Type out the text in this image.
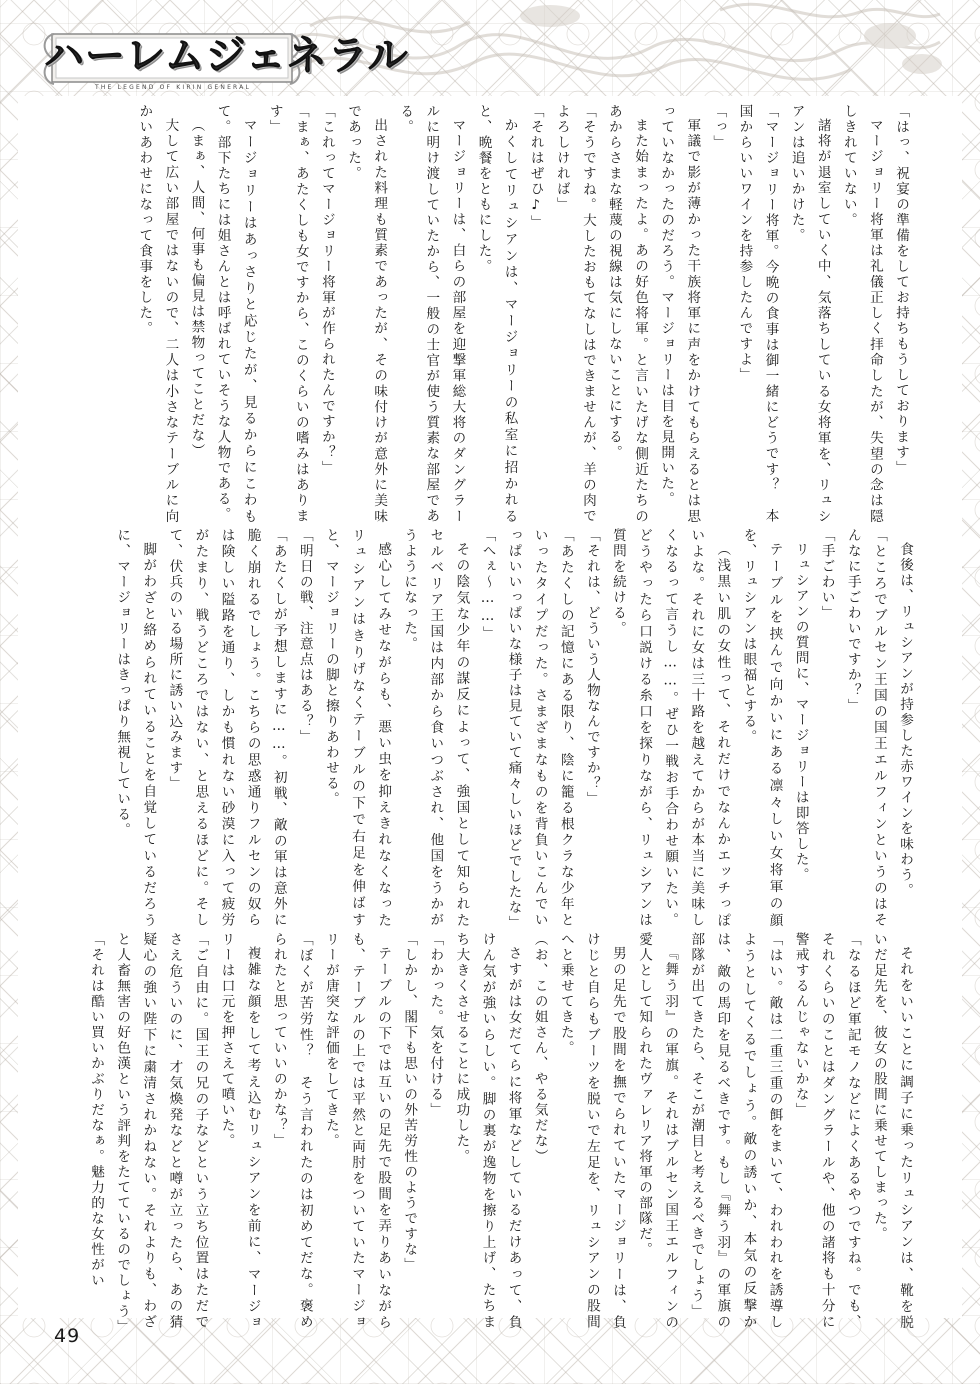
ハーレムジェネラル
THE LEGEND OF KIRIN GENERAL

「はっ、祝宴の準備をしてお持ちもうしております」

マージョリー将軍は礼儀正しく拝命したが、失望の念は隠しきれていない。

諸将が退室していく中、気落ちしている女将軍を、リュシアンは追いかけた。

「マージョリー将軍。今晩の食事は御一緒にどうです？　本国からいいワインを持参したんですよ」

「っ」

軍議で影が薄かった干族将軍に声をかけてもらえるとは思っていなかったのだろう。マージョリーは目を見開いた。

また始まったよ。あの好色将軍。と言いたげな側近たちのあからさまな軽蔑の視線は気にしないことにする。

「そうですね。大したおもてなしはできませんが、羊の肉でよろしければ」

「それはぜひ♪」

かくしてリュシアンは、マージョリーの私室に招かれると、晩餐をともにした。

マージョリーは、白らの部屋を迎撃軍総大将のダングラールに明け渡していたから、一般の士官が使う質素な部屋である。

出された料理も質素であったが、その味付けが意外に美味であった。

「これってマージョリー将軍が作られたんですか？」

「まぁ、あたくしも女ですから、このくらいの嗜みはあります」

マージョリーはあっさりと応じたが、見るからにこわもて。部下たちには姐さんとは呼ばれていそうな人物である。

（まぁ、人間、何事も偏見は禁物ってことだな）

大して広い部屋ではないので、二人は小さなテーブルに向かいあわせになって食事をした。

食後は、リュシアンが持参した赤ワインを味わう。

「ところでブルセン王国の国王エルフィンというのはそんなに手ごわいですか？」

「手ごわい」

リュシアンの質問に、マージョリーは即答した。

テーブルを挟んで向かいにある凛々しい女将軍の顔を、リュシアンは眼福とする。

（浅黒い肌の女性って、それだけでなんかエッチっぽいよな。それに女は三十路を越えてからが本当に美味しくなるって言うし……。ぜひ一戦お手合わせ願いたい。どうやったら口説ける糸口を探りながら、リュシアンは質問を続ける。

「それは、どういう人物なんですか？」

「あたくしの記憶にある限り、陰に籠る根クラな少年といったタイプだった。さまざまなものを背負いこんでいっぱいいっぱいな様子は見ていて痛々しいほどでしたな」

「へぇ～……」

その陰気な少年の謀反によって、強国として知られたセルベリア王国は内部から食いつぶされ、他国をうかがうようになった。

感心してみせながらも、悪い虫を抑えきれなくなったリュシアンはきりげなくテーブルの下で右足を伸ばすと、マージョリーの脚と擦りあわせる。

「明日の戦、注意点はある？」

「あたくしが予想しますに……。初戦、敵の軍は意外に脆く崩れるでしょう。こちらの思惑通りフルセンの奴らは険しい隘路を通り、しかも慣れない砂漠に入って疲労がたまり、戦うどころではない、と思えるほどに。そして、伏兵のいる場所に誘い込みます」

脚がわざと絡められていることを自覚しているだろうに、マージョリーはきっぱり無視している。

それをいいことに調子に乗ったリュシアンは、靴を脱いだ足先を、彼女の股間に乗せてしまった。

「なるほど軍記モノなどによくあるやつですね。でも、それくらいのことはダングラールや、他の諸将も十分に警戒するんじゃないかな」

「はい。敵は二重三重の餌をまいて、われわれを誘導しようとしてくるでしょう。敵の誘いか、本気の反撃かは、敵の馬印を見るべきです。もし『舞う羽』の軍旗の部隊が出てきたら、そこが潮目と考えるべきでしょう」

『舞う羽』の軍旗。それはブルセン国王エルフィンの愛人として知られたヴァレリア将軍の部隊だ。

男の足先で股間を撫でられていたマージョリーは、負けじと自らもブーツを脱いで左足を、リュシアンの股間へと乗せてきた。

（お、この姐さん、やる気だな）

さすがは女だてらに将軍などしているだけあって、負けん気が強いらしい。脚の裏が逸物を擦り上げ、たちまち大きくさせることに成功した。

「わかった。気を付ける」

「しかし、閣下も思いの外苦労性のようですな」

テーブルの下では互いの足先で股間を弄りあいながらも、テーブルの上では平然と両肘をついていたマージョリーが唐突な評価をしてきた。

「ぼくが苦労性？　そう言われたのは初めてだな。褒められたと思っていいのかな？」

複雑な顔をして考え込むリュシアンを前に、マージョリーは口元を押さえて噴いた。

「ご自由に。国王の兄の子などという立ち位置はただでさえ危ういのに、才気煥発などと噂が立ったら、あの猜疑心の強い陛下に粛清されかねない。それよりも、わざと人畜無害の好色漢という評判をたてているのでしょう」

「それは酷い買いかぶりだなぁ。魅力的な女性がい

49
